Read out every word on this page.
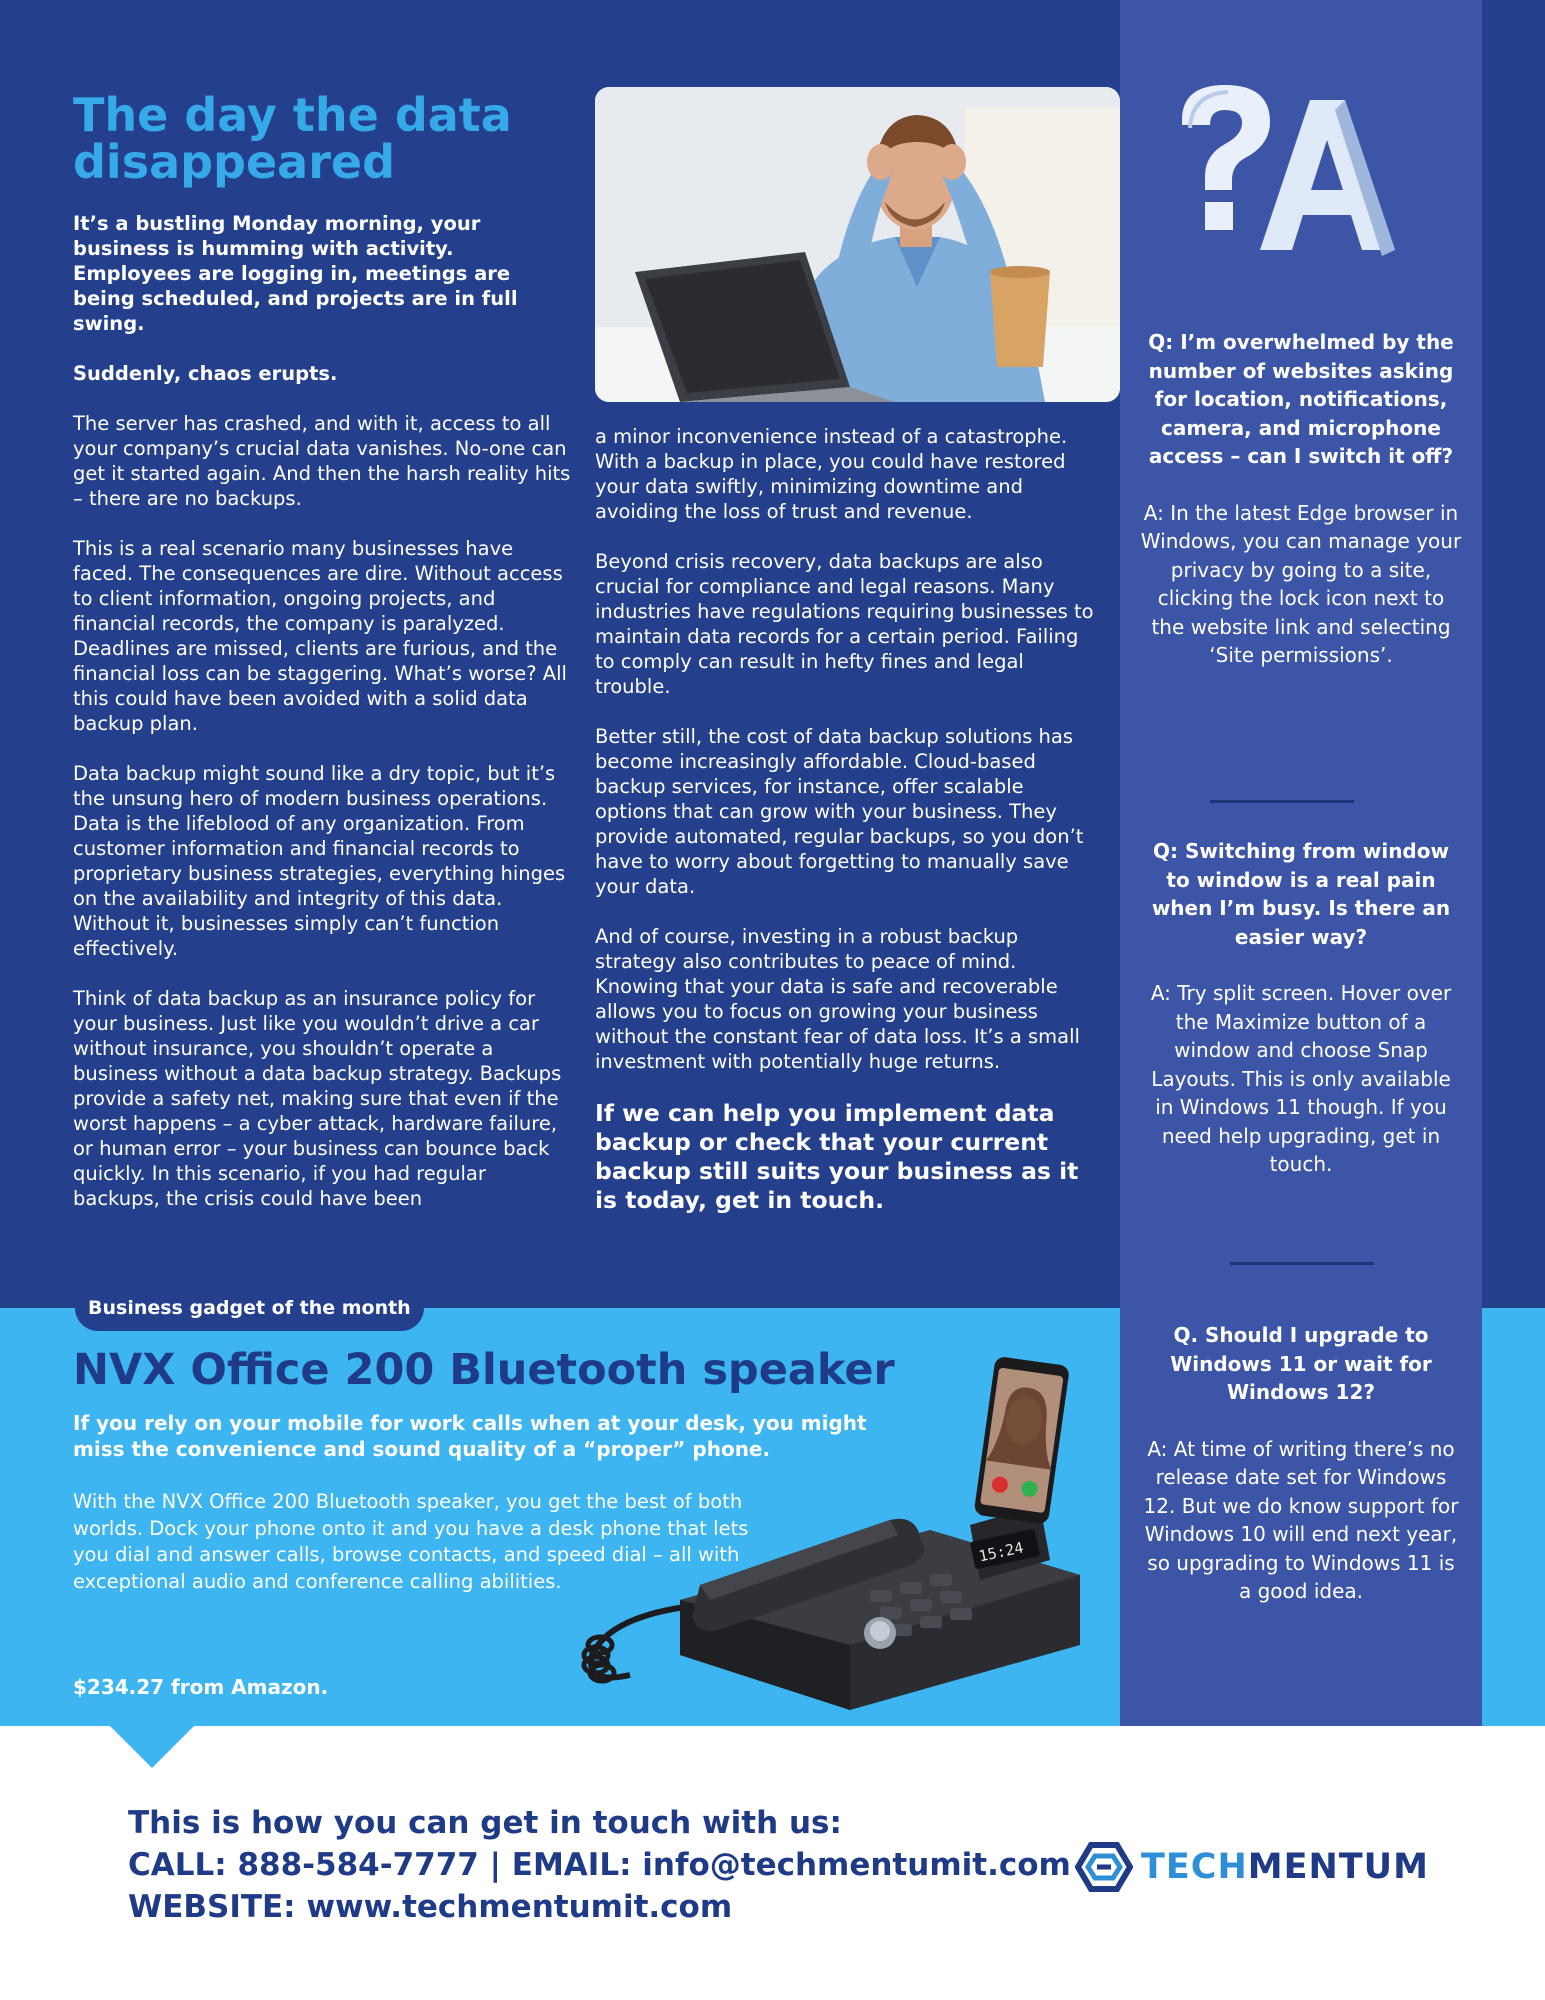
The day the data disappeared

It’s a bustling Monday morning, your business is humming with activity. Employees are logging in, meetings are being scheduled, and projects are in full swing.

Suddenly, chaos erupts.

The server has crashed, and with it, access to all your company’s crucial data vanishes. No-one can get it started again. And then the harsh reality hits – there are no backups.

This is a real scenario many businesses have faced. The consequences are dire. Without access to client information, ongoing projects, and financial records, the company is paralyzed. Deadlines are missed, clients are furious, and the financial loss can be staggering. What’s worse? All this could have been avoided with a solid data backup plan.

Data backup might sound like a dry topic, but it’s the unsung hero of modern business operations. Data is the lifeblood of any organization. From customer information and financial records to proprietary business strategies, everything hinges on the availability and integrity of this data. Without it, businesses simply can’t function effectively.

Think of data backup as an insurance policy for your business. Just like you wouldn’t drive a car without insurance, you shouldn’t operate a business without a data backup strategy. Backups provide a safety net, making sure that even if the worst happens – a cyber attack, hardware failure, or human error – your business can bounce back quickly. In this scenario, if you had regular backups, the crisis could have been

a minor inconvenience instead of a catastrophe. With a backup in place, you could have restored your data swiftly, minimizing downtime and avoiding the loss of trust and revenue.

Beyond crisis recovery, data backups are also crucial for compliance and legal reasons. Many industries have regulations requiring businesses to maintain data records for a certain period. Failing to comply can result in hefty fines and legal trouble.

Better still, the cost of data backup solutions has become increasingly affordable. Cloud-based backup services, for instance, offer scalable options that can grow with your business. They provide automated, regular backups, so you don’t have to worry about forgetting to manually save your data.

And of course, investing in a robust backup strategy also contributes to peace of mind. Knowing that your data is safe and recoverable allows you to focus on growing your business without the constant fear of data loss. It’s a small investment with potentially huge returns.

If we can help you implement data backup or check that your current backup still suits your business as it is today, get in touch.

Q: I’m overwhelmed by the number of websites asking for location, notifications, camera, and microphone access – can I switch it off?

A: In the latest Edge browser in Windows, you can manage your privacy by going to a site, clicking the lock icon next to the website link and selecting ‘Site permissions’.

Q: Switching from window to window is a real pain when I’m busy. Is there an easier way?

A: Try split screen. Hover over the Maximize button of a window and choose Snap Layouts. This is only available in Windows 11 though. If you need help upgrading, get in touch.

Q. Should I upgrade to Windows 11 or wait for Windows 12?

A: At time of writing there’s no release date set for Windows 12. But we do know support for Windows 10 will end next year, so upgrading to Windows 11 is a good idea.

Business gadget of the month
NVX Office 200 Bluetooth speaker
If you rely on your mobile for work calls when at your desk, you might miss the convenience and sound quality of a “proper” phone.
With the NVX Office 200 Bluetooth speaker, you get the best of both worlds. Dock your phone onto it and you have a desk phone that lets you dial and answer calls, browse contacts, and speed dial – all with exceptional audio and conference calling abilities.
$234.27 from Amazon.
15:24
This is how you can get in touch with us:
CALL: 888-584-7777 | EMAIL: info@techmentumit.com
WEBSITE: www.techmentumit.com
TECHMENTUM
